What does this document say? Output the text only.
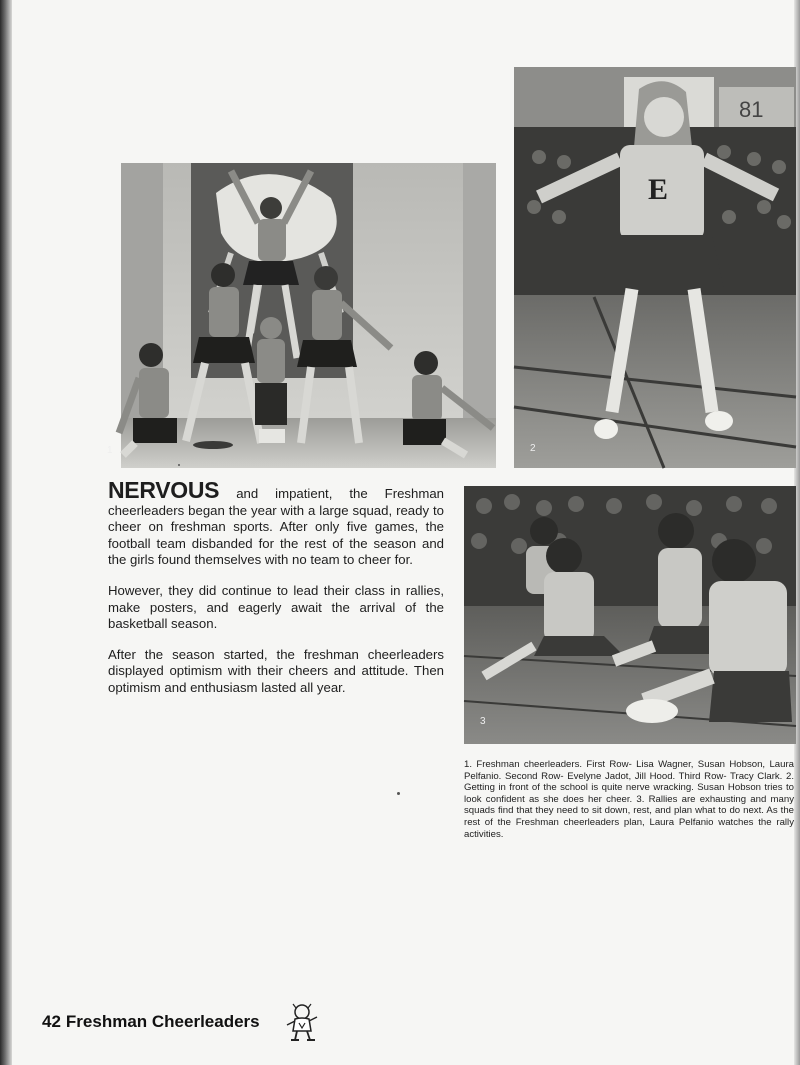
1
81
E
2
3

NERVOUS and impatient, the Freshman cheerleaders began the year with a large squad, ready to cheer on freshman sports. After only five games, the football team disbanded for the rest of the season and the girls found themselves with no team to cheer for.

However, they did continue to lead their class in rallies, make posters, and eagerly await the arrival of the basketball season.

After the season started, the freshman cheerleaders displayed optimism with their cheers and attitude. Then optimism and enthusiasm lasted all year.

1. Freshman cheerleaders. First Row- Lisa Wagner, Susan Hobson, Laura Pelfanio. Second Row- Evelyne Jadot, Jill Hood. Third Row- Tracy Clark. 2. Getting in front of the school is quite nerve wracking. Susan Hobson tries to look confident as she does her cheer. 3. Rallies are exhausting and many squads find that they need to sit down, rest, and plan what to do next. As the rest of the Freshman cheerleaders plan, Laura Pelfanio watches the rally activities.
42 Freshman Cheerleaders
